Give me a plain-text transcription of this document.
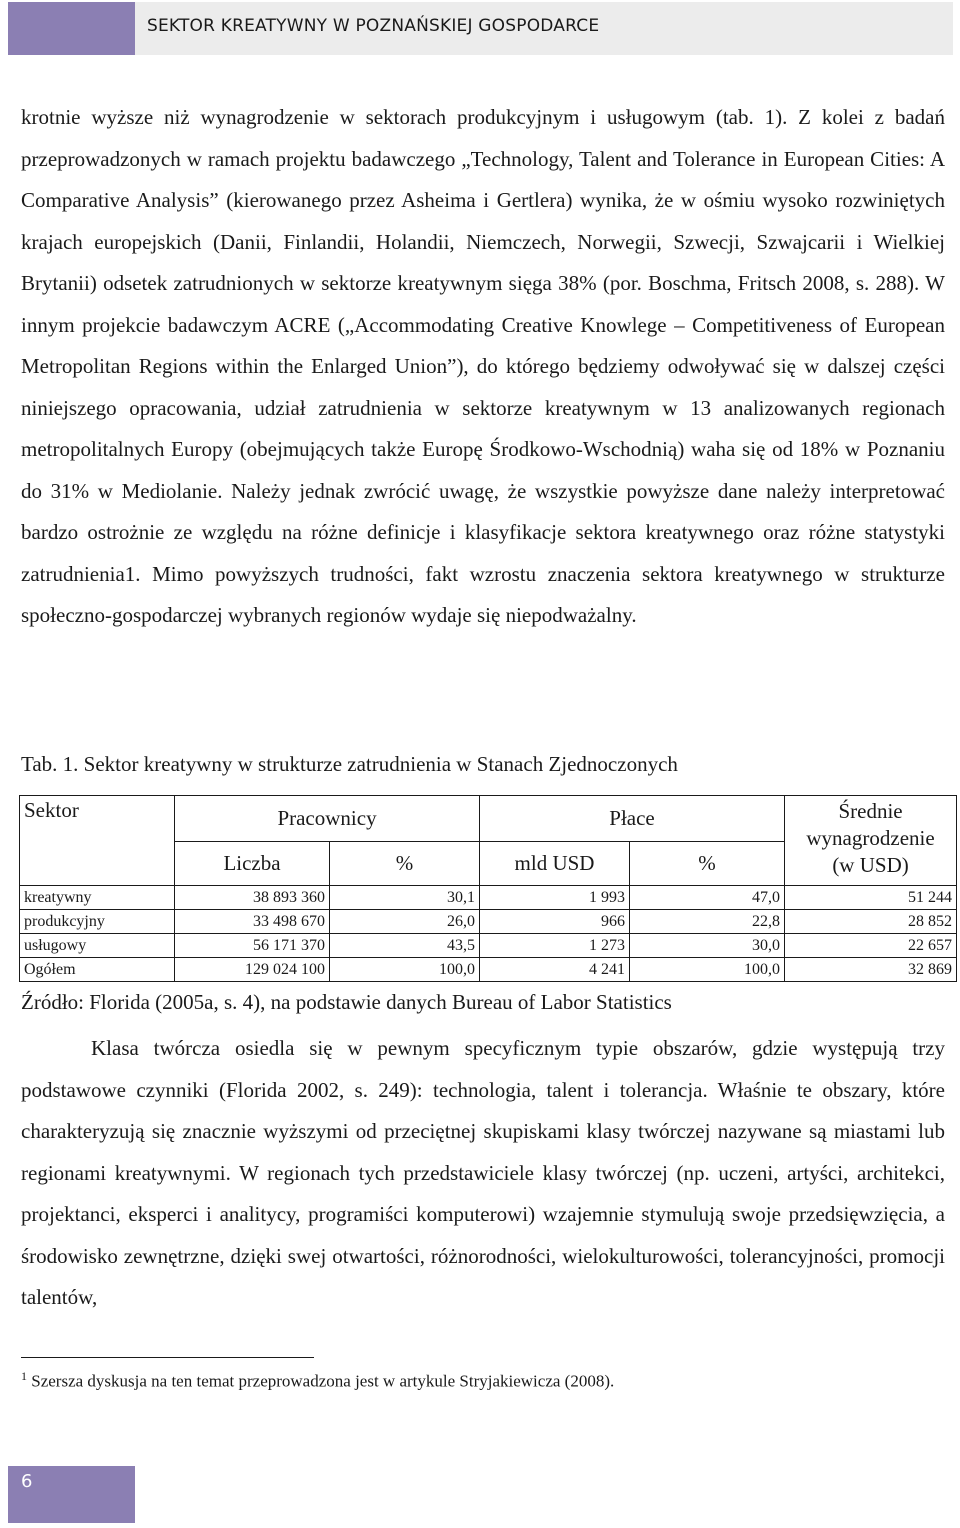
SEKTOR KREATYWNY W POZNAŃSKIEJ GOSPODARCE

krotnie wyższe niż wynagrodzenie w sektorach produkcyjnym i usługowym (tab. 1). Z kolei z badań przeprowadzonych w ramach projektu badawczego „Technology, Talent and Tolerance in European Cities: A Comparative Analysis” (kierowanego przez Asheima i Gertlera) wynika, że w ośmiu wysoko rozwiniętych krajach europejskich (Danii, Finlandii, Holandii, Niemczech, Norwegii, Szwecji, Szwajcarii i Wielkiej Brytanii) odsetek zatrudnionych w sektorze kreatywnym sięga 38% (por. Boschma, Fritsch 2008, s. 288). W innym projekcie badawczym ACRE („Accommodating Creative Knowlege – Competitiveness of European Metropolitan Regions within the Enlarged Union”), do którego będziemy odwoływać się w dalszej części niniejszego opracowania, udział zatrudnienia w sektorze kreatywnym w 13 analizowanych regionach metropolitalnych Europy (obejmujących także Europę Środkowo-Wschodnią) waha się od 18% w Poznaniu do 31% w Mediolanie. Należy jednak zwrócić uwagę, że wszystkie powyższe dane należy interpretować bardzo ostrożnie ze względu na różne definicje i klasyfikacje sektora kreatywnego oraz różne statystyki zatrudnienia1. Mimo powyższych trudności, fakt wzrostu znaczenia sektora kreatywnego w strukturze społeczno-gospodarczej wybranych regionów wydaje się niepodważalny.

Tab. 1. Sektor kreatywny w strukturze zatrudnienia w Stanach Zjednoczonych

Sektor	Pracownicy		Płace		Średnie
wynagrodzenie
(w USD)
	Liczba	%	mld USD	%	
kreatywny	38 893 360	30,1	1 993	47,0	51 244
produkcyjny	33 498 670	26,0	966	22,8	28 852
usługowy	56 171 370	43,5	1 273	30,0	22 657
Ogółem	129 024 100	100,0	4 241	100,0	32 869

Źródło: Florida (2005a, s. 4), na podstawie danych Bureau of Labor Statistics

Klasa twórcza osiedla się w pewnym specyficznym typie obszarów, gdzie występują trzy podstawowe czynniki (Florida 2002, s. 249): technologia, talent i tolerancja. Właśnie te obszary, które charakteryzują się znacznie wyższymi od przeciętnej skupiskami klasy twórczej nazywane są miastami lub regionami kreatywnymi. W regionach tych przedstawiciele klasy twórczej (np. uczeni, artyści, architekci, projektanci, eksperci i analitycy, programiści komputerowi) wzajemnie stymulują swoje przedsięwzięcia, a środowisko zewnętrzne, dzięki swej otwartości, różnorodności, wielokulturowości, tolerancyjności, promocji talentów,

$^1$ Szersza dyskusja na ten temat przeprowadzona jest w artykule Stryjakiewicza (2008).

6
